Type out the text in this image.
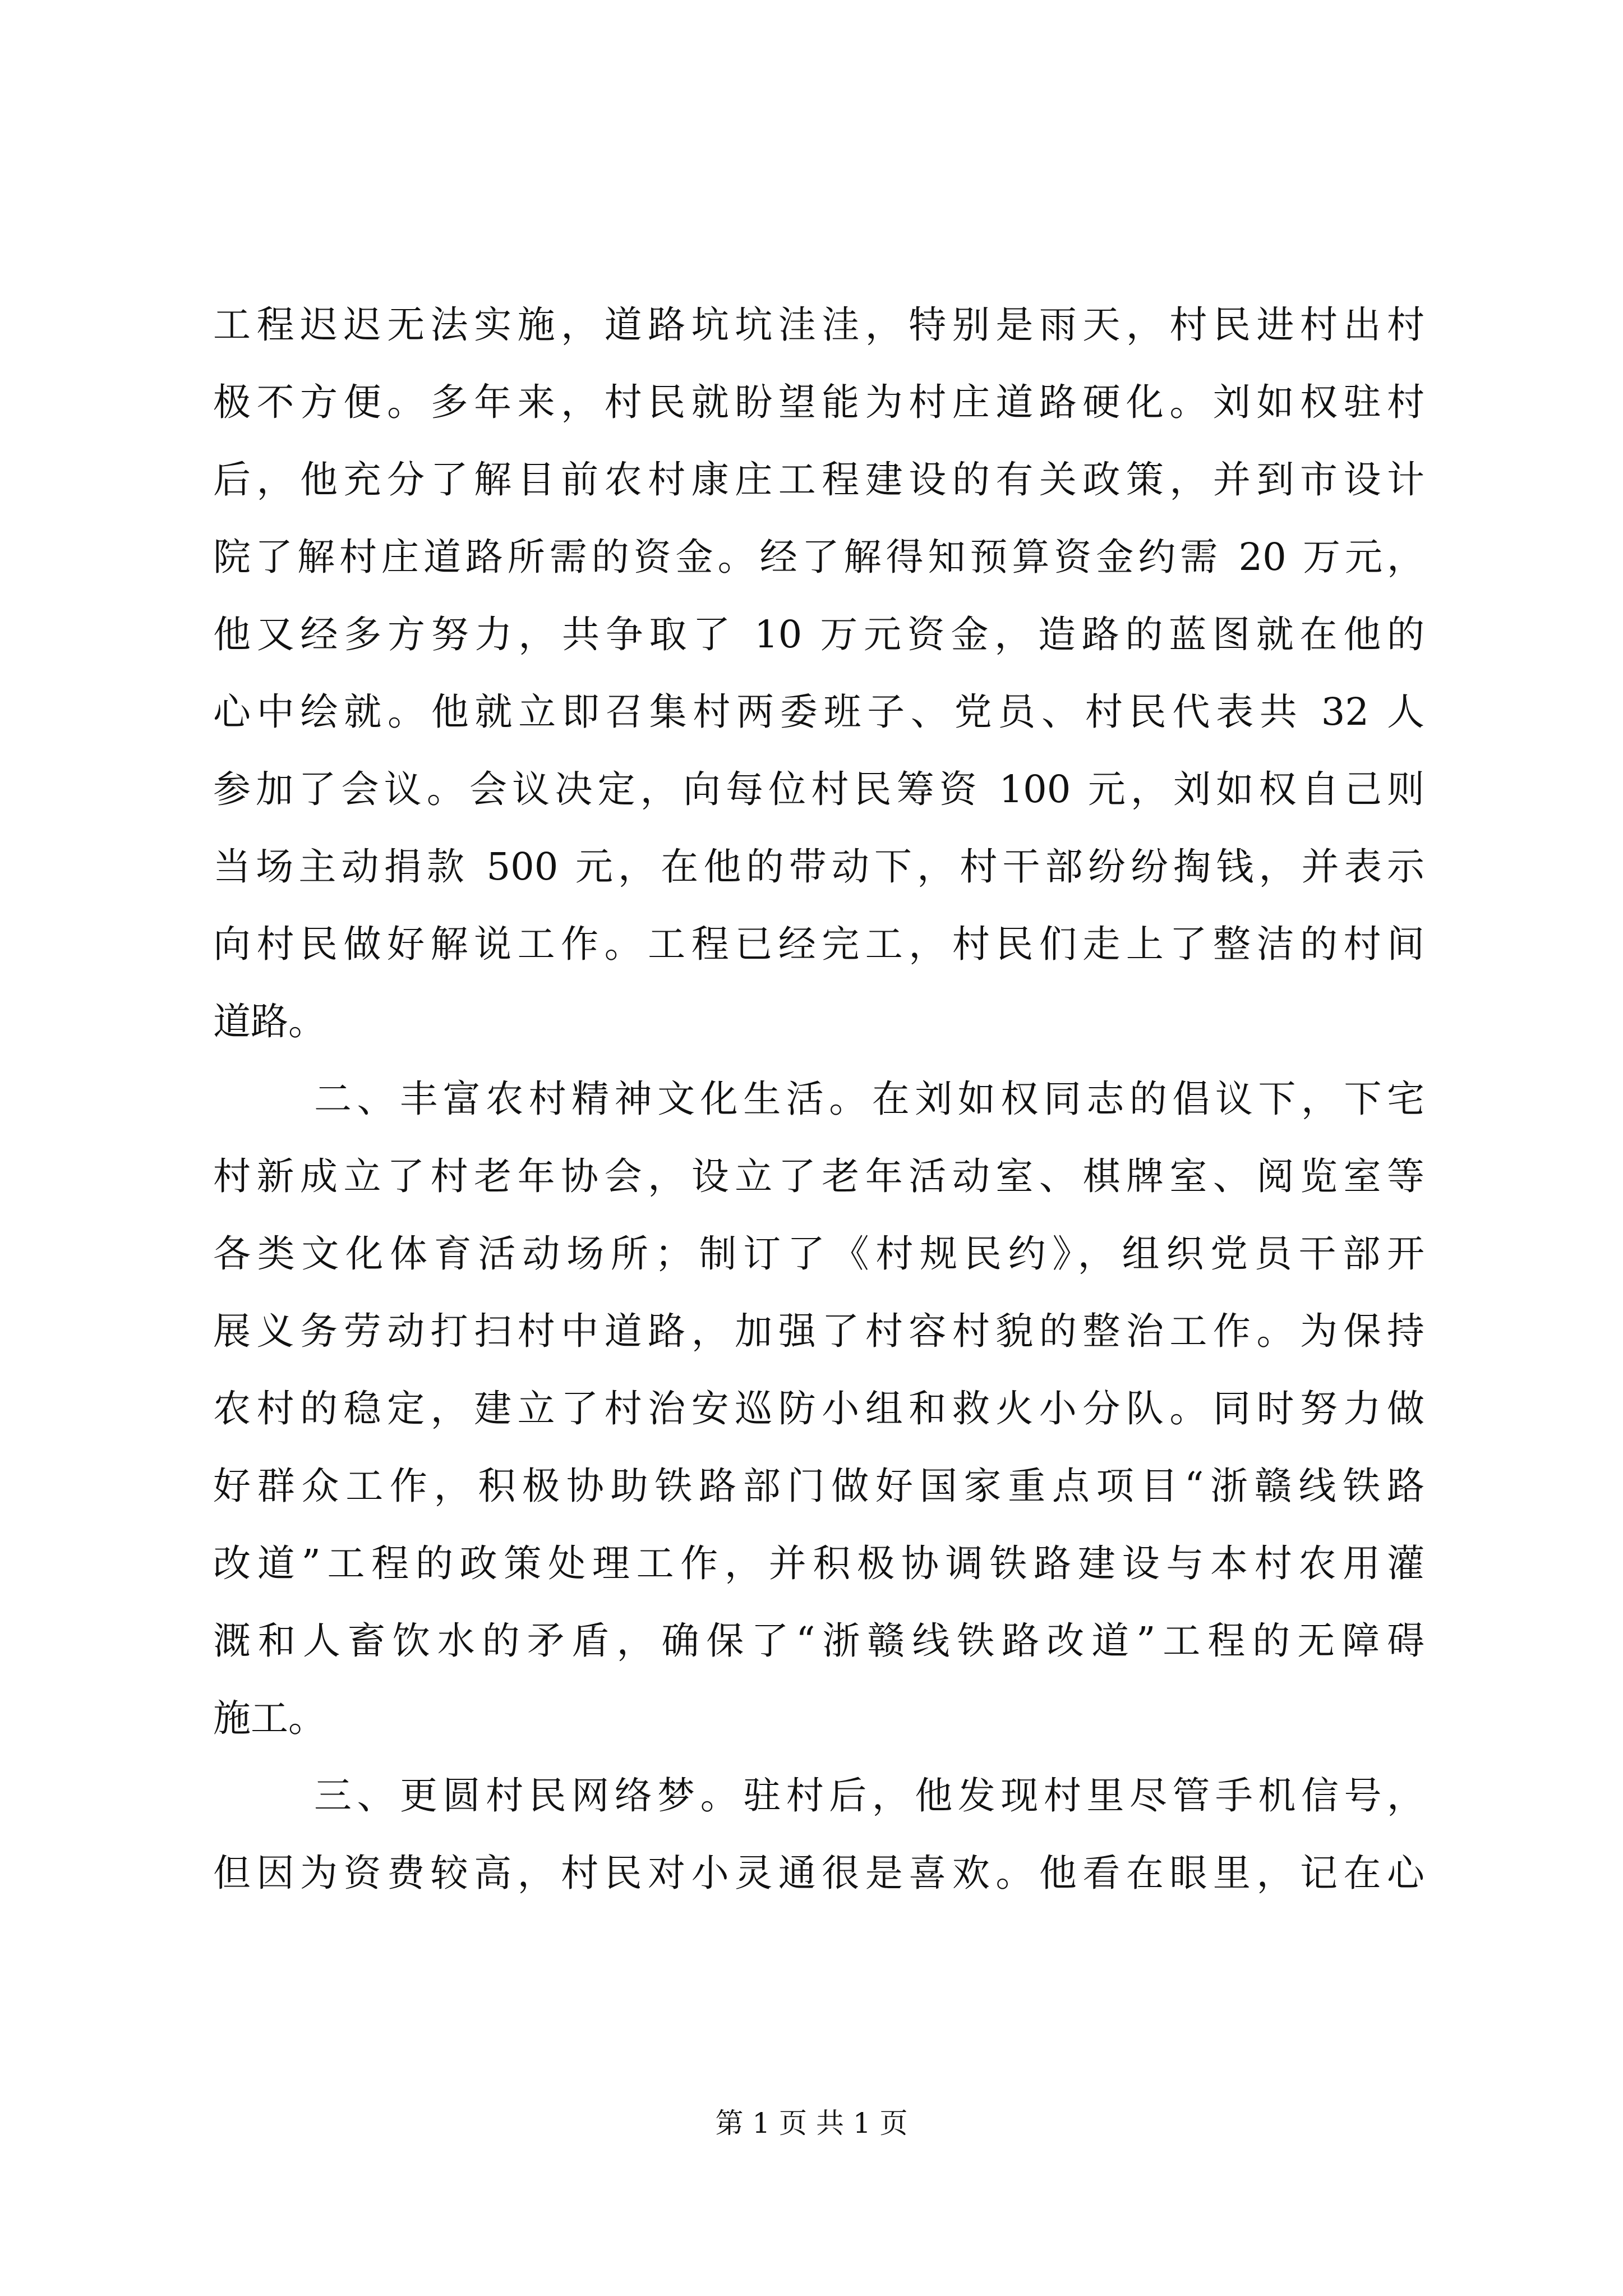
工程迟迟无法实施，道路坑坑洼洼，特别是雨天，村民进村出村
极不方便。多年来，村民就盼望能为村庄道路硬化。刘如权驻村
后，他充分了解目前农村康庄工程建设的有关政策，并到市设计
院了解村庄道路所需的资金。经了解得知预算资金约需 20 万元，
他又经多方努力，共争取了 10 万元资金，造路的蓝图就在他的
心中绘就。他就立即召集村两委班子、党员、村民代表共 32 人
参加了会议。会议决定，向每位村民筹资 100 元，刘如权自己则
当场主动捐款 500 元，在他的带动下，村干部纷纷掏钱，并表示
向村民做好解说工作。工程已经完工，村民们走上了整洁的村间
道路。
二、丰富农村精神文化生活。在刘如权同志的倡议下，下宅
村新成立了村老年协会，设立了老年活动室、棋牌室、阅览室等
各类文化体育活动场所；制订了《村规民约》，组织党员干部开
展义务劳动打扫村中道路，加强了村容村貌的整治工作。为保持
农村的稳定，建立了村治安巡防小组和救火小分队。同时努力做
好群众工作，积极协助铁路部门做好国家重点项目“浙赣线铁路
改道”工程的政策处理工作，并积极协调铁路建设与本村农用灌
溉和人畜饮水的矛盾，确保了“浙赣线铁路改道”工程的无障碍
施工。
三、更圆村民网络梦。驻村后，他发现村里尽管手机信号，
但因为资费较高，村民对小灵通很是喜欢。他看在眼里，记在心
第 1 页 共 1 页
